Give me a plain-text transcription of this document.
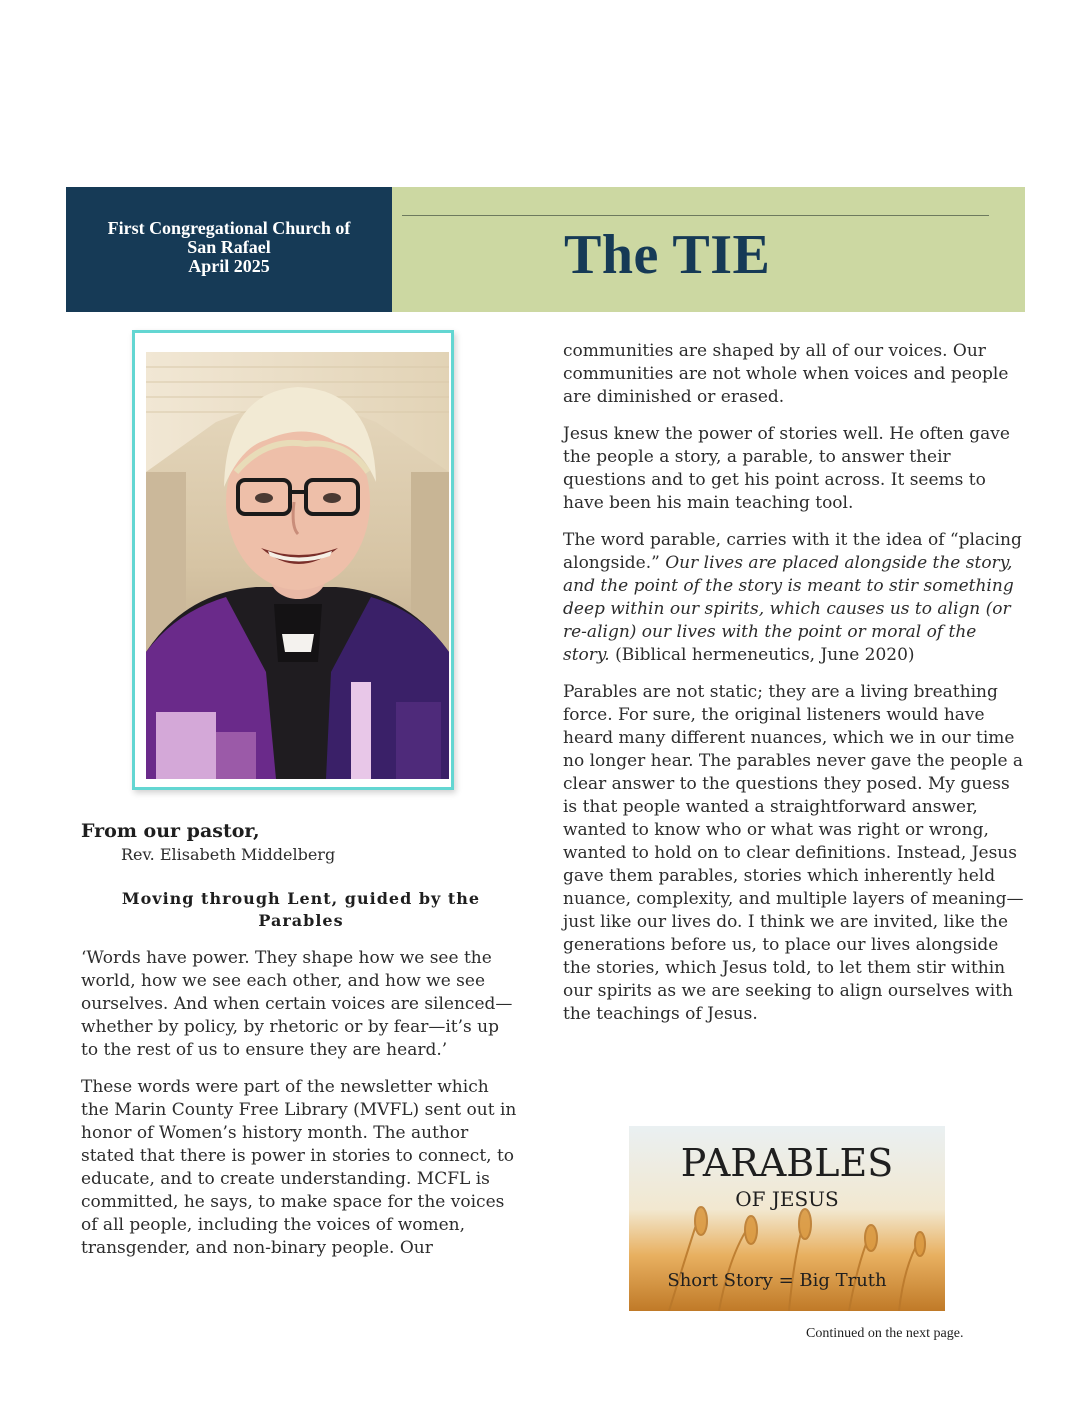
First Congregational Church of
San Rafael
April 2025	The TIE
From our pastor,
Rev. Elisabeth Middelberg
Moving through Lent, guided by the Parables

‘Words have power. They shape how we see the world, how we see each other, and how we see ourselves. And when certain voices are silenced—whether by policy, by rhetoric or by fear—it’s up to the rest of us to ensure they are heard.’

These words were part of the newsletter which the Marin County Free Library (MVFL) sent out in honor of Women’s history month. The author stated that there is power in stories to connect, to educate, and to create understanding. MCFL is committed, he says, to make space for the voices of all people, including the voices of women, transgender, and non-binary people. Our

communities are shaped by all of our voices. Our communities are not whole when voices and people are diminished or erased.

Jesus knew the power of stories well. He often gave the people a story, a parable, to answer their questions and to get his point across. It seems to have been his main teaching tool.

The word parable, carries with it the idea of “placing alongside.” Our lives are placed alongside the story, and the point of the story is meant to stir something deep within our spirits, which causes us to align (or re-align) our lives with the point or moral of the story. (Biblical hermeneutics, June 2020)

Parables are not static; they are a living breathing force. For sure, the original listeners would have heard many different nuances, which we in our time no longer hear. The parables never gave the people a clear answer to the questions they posed. My guess is that people wanted a straightforward answer, wanted to know who or what was right or wrong, wanted to hold on to clear definitions. Instead, Jesus gave them parables, stories which inherently held nuance, complexity, and multiple layers of meaning—just like our lives do. I think we are invited, like the generations before us, to place our lives alongside the stories, which Jesus told, to let them stir within our spirits as we are seeking to align ourselves with the teachings of Jesus.

PARABLES
OF JESUS
Short Story = Big Truth
Continued on the next page.
